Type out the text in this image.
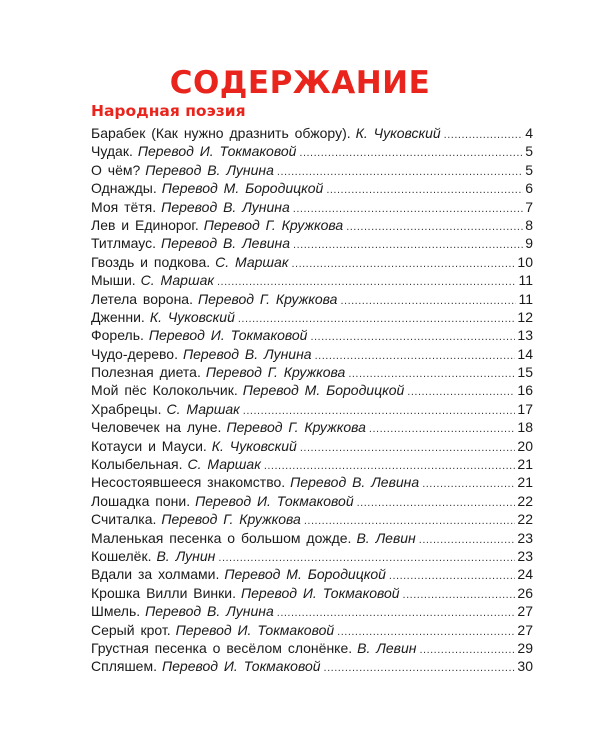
СОДЕРЖАНИЕ
Народная поэзия
Барабек (Как нужно дразнить обжору). К. Чуковский .....	4
Чудак. Перевод И. Токмаковой .....	5
О чём? Перевод В. Лунина .....	5
Однажды. Перевод М. Бородицкой .....	6
Моя тётя. Перевод В. Лунина .....	7
Лев и Единорог. Перевод Г. Кружкова .....	8
Титлмаус. Перевод В. Левина .....	9
Гвоздь и подкова. С. Маршак .....	10
Мыши. С. Маршак .....	11
Летела ворона. Перевод Г. Кружкова .....	11
Дженни. К. Чуковский .....	12
Форель. Перевод И. Токмаковой .....	13
Чудо-дерево. Перевод В. Лунина .....	14
Полезная диета. Перевод Г. Кружкова .....	15
Мой пёс Колокольчик. Перевод М. Бородицкой .....	16
Храбрецы. С. Маршак .....	17
Человечек на луне. Перевод Г. Кружкова .....	18
Котауси и Мауси. К. Чуковский .....	20
Колыбельная. С. Маршак .....	21
Несостоявшееся знакомство. Перевод В. Левина .....	21
Лошадка пони. Перевод И. Токмаковой .....	22
Считалка. Перевод Г. Кружкова .....	22
Маленькая песенка о большом дожде. В. Левин .....	23
Кошелёк. В. Лунин .....	23
Вдали за холмами. Перевод М. Бородицкой .....	24
Крошка Вилли Винки. Перевод И. Токмаковой .....	26
Шмель. Перевод В. Лунина .....	27
Серый крот. Перевод И. Токмаковой .....	27
Грустная песенка о весёлом слонёнке. В. Левин .....	29
Спляшем. Перевод И. Токмаковой .....	30
